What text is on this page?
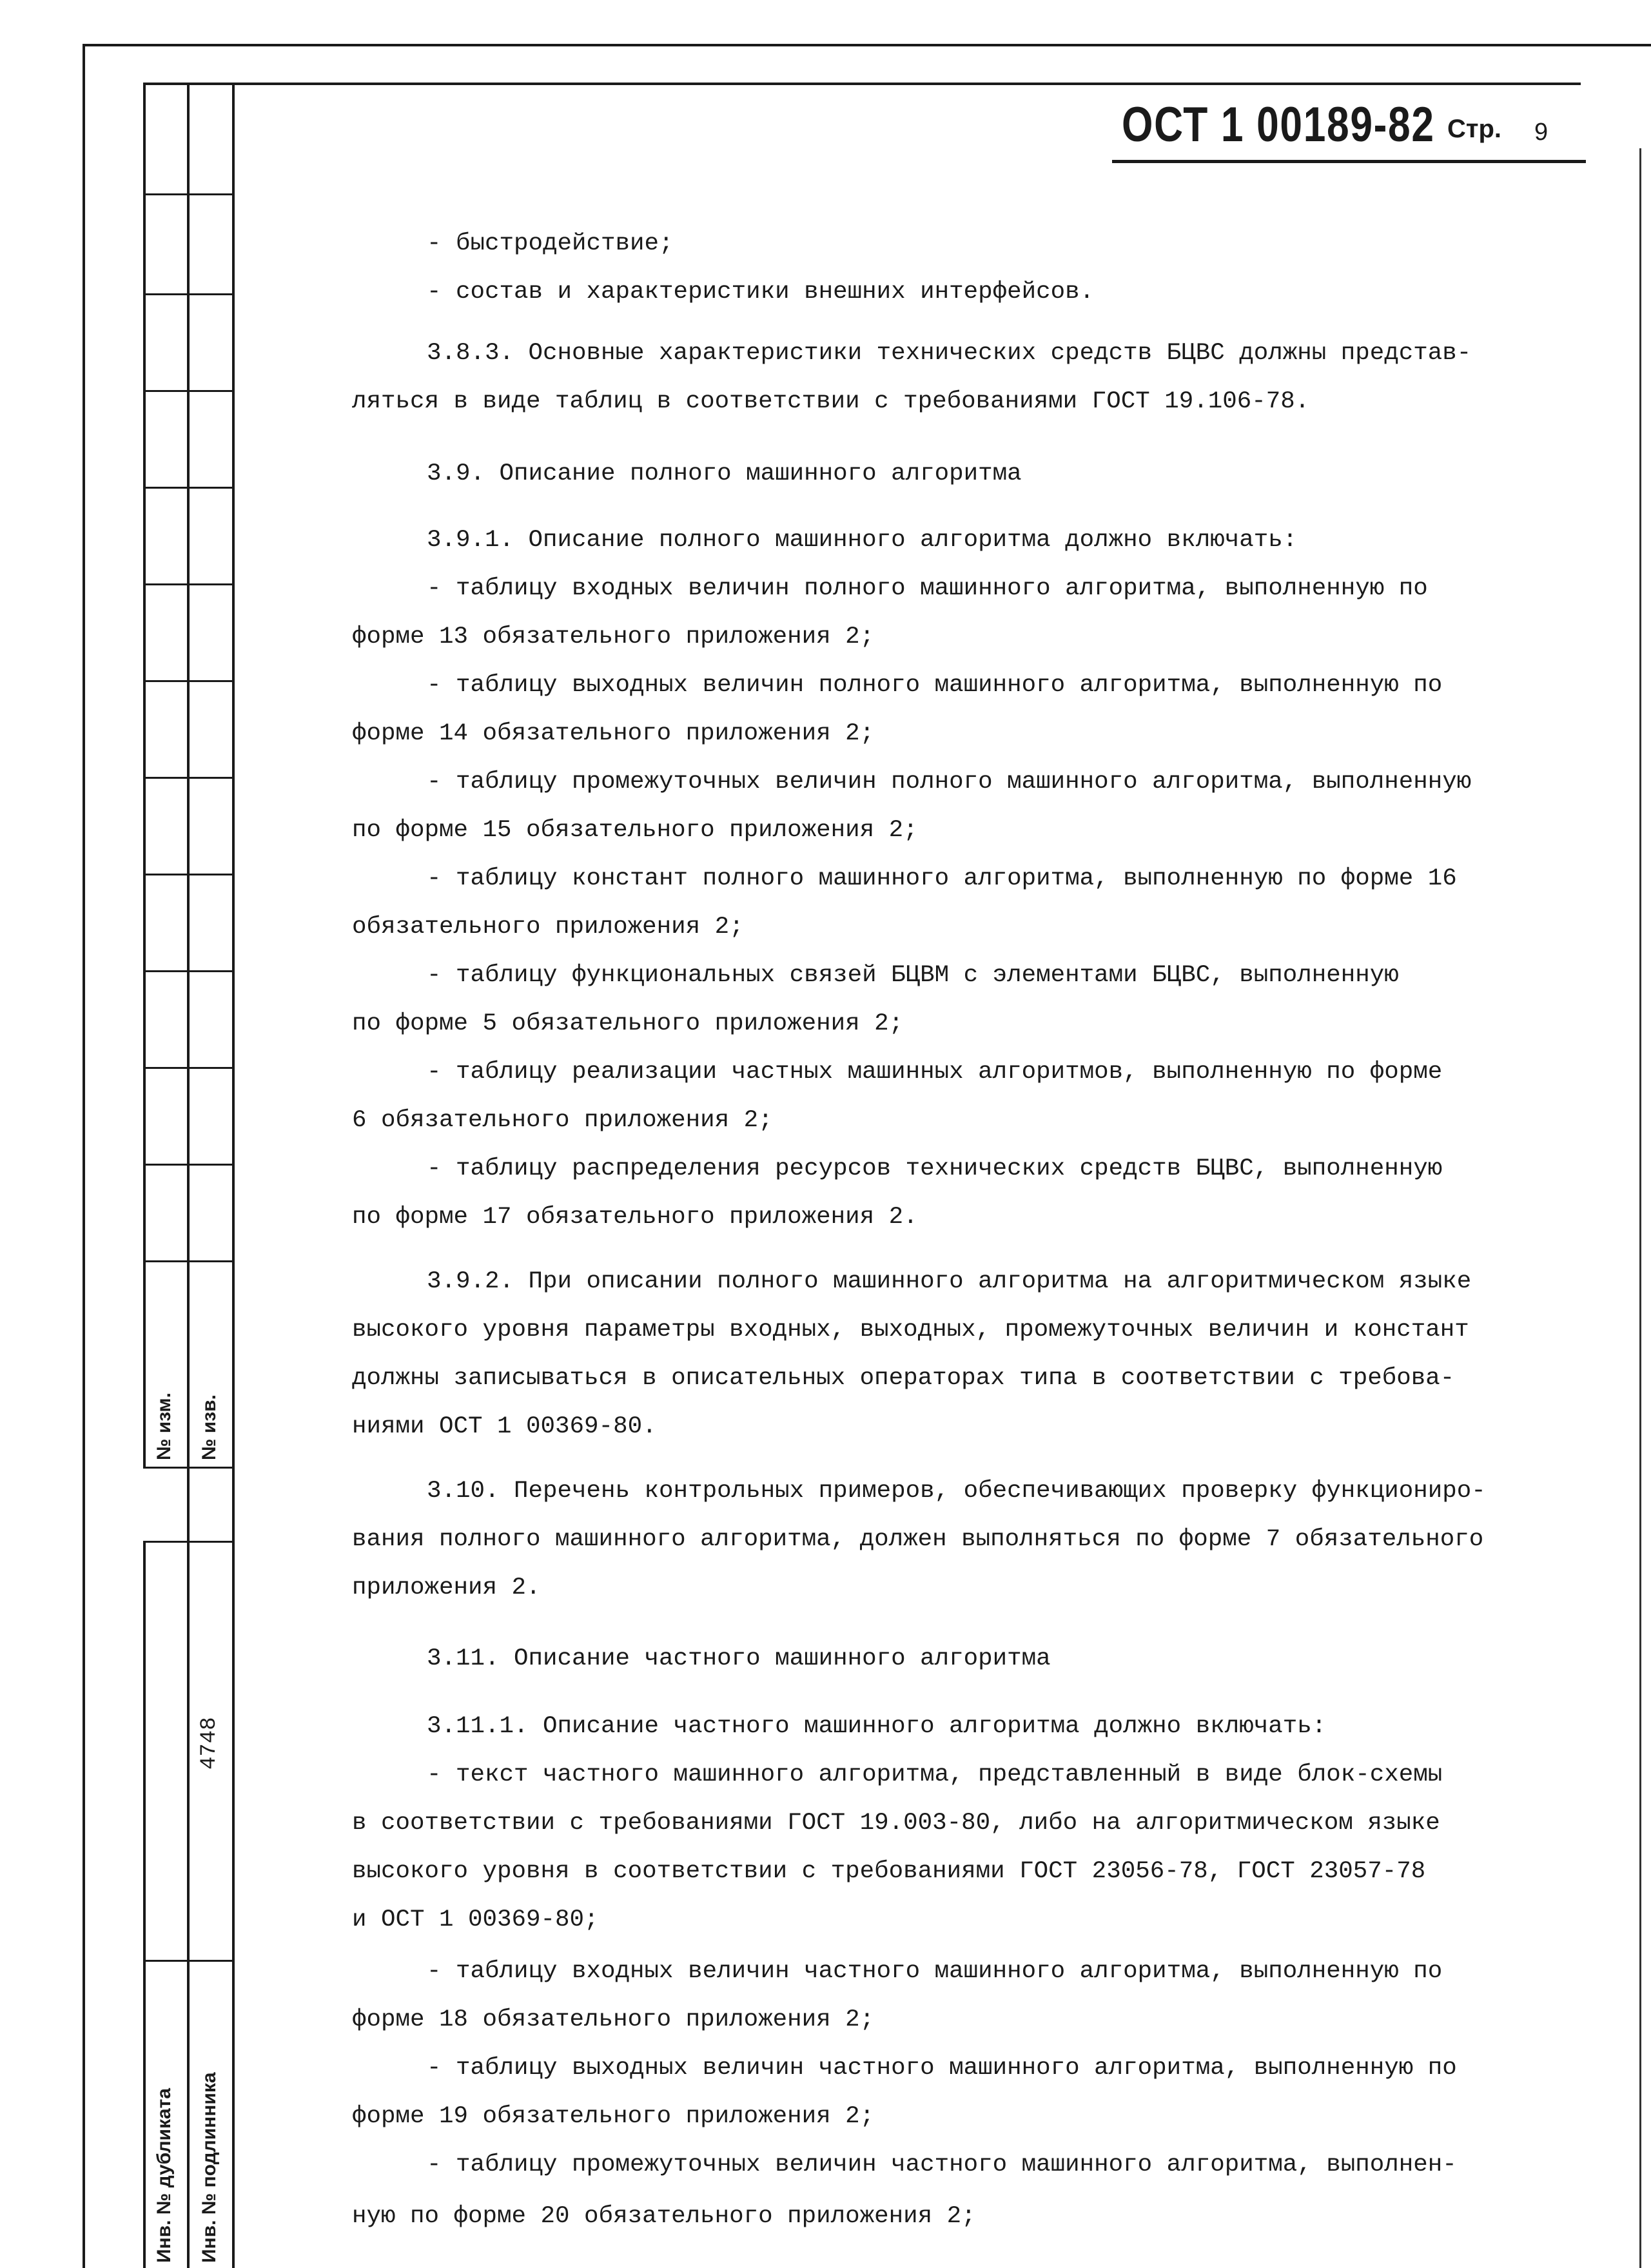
№ изм. № изв.
4748
Инв. № дубликата Инв. № подлинника
ОСТ 1 00189-82 Стр. 9
- быстродействие;
- состав и характеристики внешних интерфейсов.
3.8.3. Основные характеристики технических средств БЦВС должны представ-
ляться в виде таблиц в соответствии с требованиями ГОСТ 19.106-78.
3.9. Описание полного машинного алгоритма
3.9.1. Описание полного машинного алгоритма должно включать:
- таблицу входных величин полного машинного алгоритма, выполненную по
форме 13 обязательного приложения 2;
- таблицу выходных величин полного машинного алгоритма, выполненную по
форме 14 обязательного приложения 2;
- таблицу промежуточных величин полного машинного алгоритма, выполненную
по форме 15 обязательного приложения 2;
- таблицу констант полного машинного алгоритма, выполненную по форме 16
обязательного приложения 2;
- таблицу функциональных связей БЦВМ с элементами БЦВС, выполненную
по форме 5 обязательного приложения 2;
- таблицу реализации частных машинных алгоритмов, выполненную по форме
6 обязательного приложения 2;
- таблицу распределения ресурсов технических средств БЦВС, выполненную
по форме 17 обязательного приложения 2.
3.9.2. При описании полного машинного алгоритма на алгоритмическом языке
высокого уровня параметры входных, выходных, промежуточных величин и констант
должны записываться в описательных операторах типа в соответствии с требова-
ниями ОСТ 1 00369-80.
3.10. Перечень контрольных примеров, обеспечивающих проверку функциониро-
вания полного машинного алгоритма, должен выполняться по форме 7 обязательного
приложения 2.
3.11. Описание частного машинного алгоритма
3.11.1. Описание частного машинного алгоритма должно включать:
- текст частного машинного алгоритма, представленный в виде блок-схемы
в соответствии с требованиями ГОСТ 19.003-80, либо на алгоритмическом языке
высокого уровня в соответствии с требованиями ГОСТ 23056-78, ГОСТ 23057-78
и ОСТ 1 00369-80;
- таблицу входных величин частного машинного алгоритма, выполненную по
форме 18 обязательного приложения 2;
- таблицу выходных величин частного машинного алгоритма, выполненную по
форме 19 обязательного приложения 2;
- таблицу промежуточных величин частного машинного алгоритма, выполнен-
ную по форме 20 обязательного приложения 2;
